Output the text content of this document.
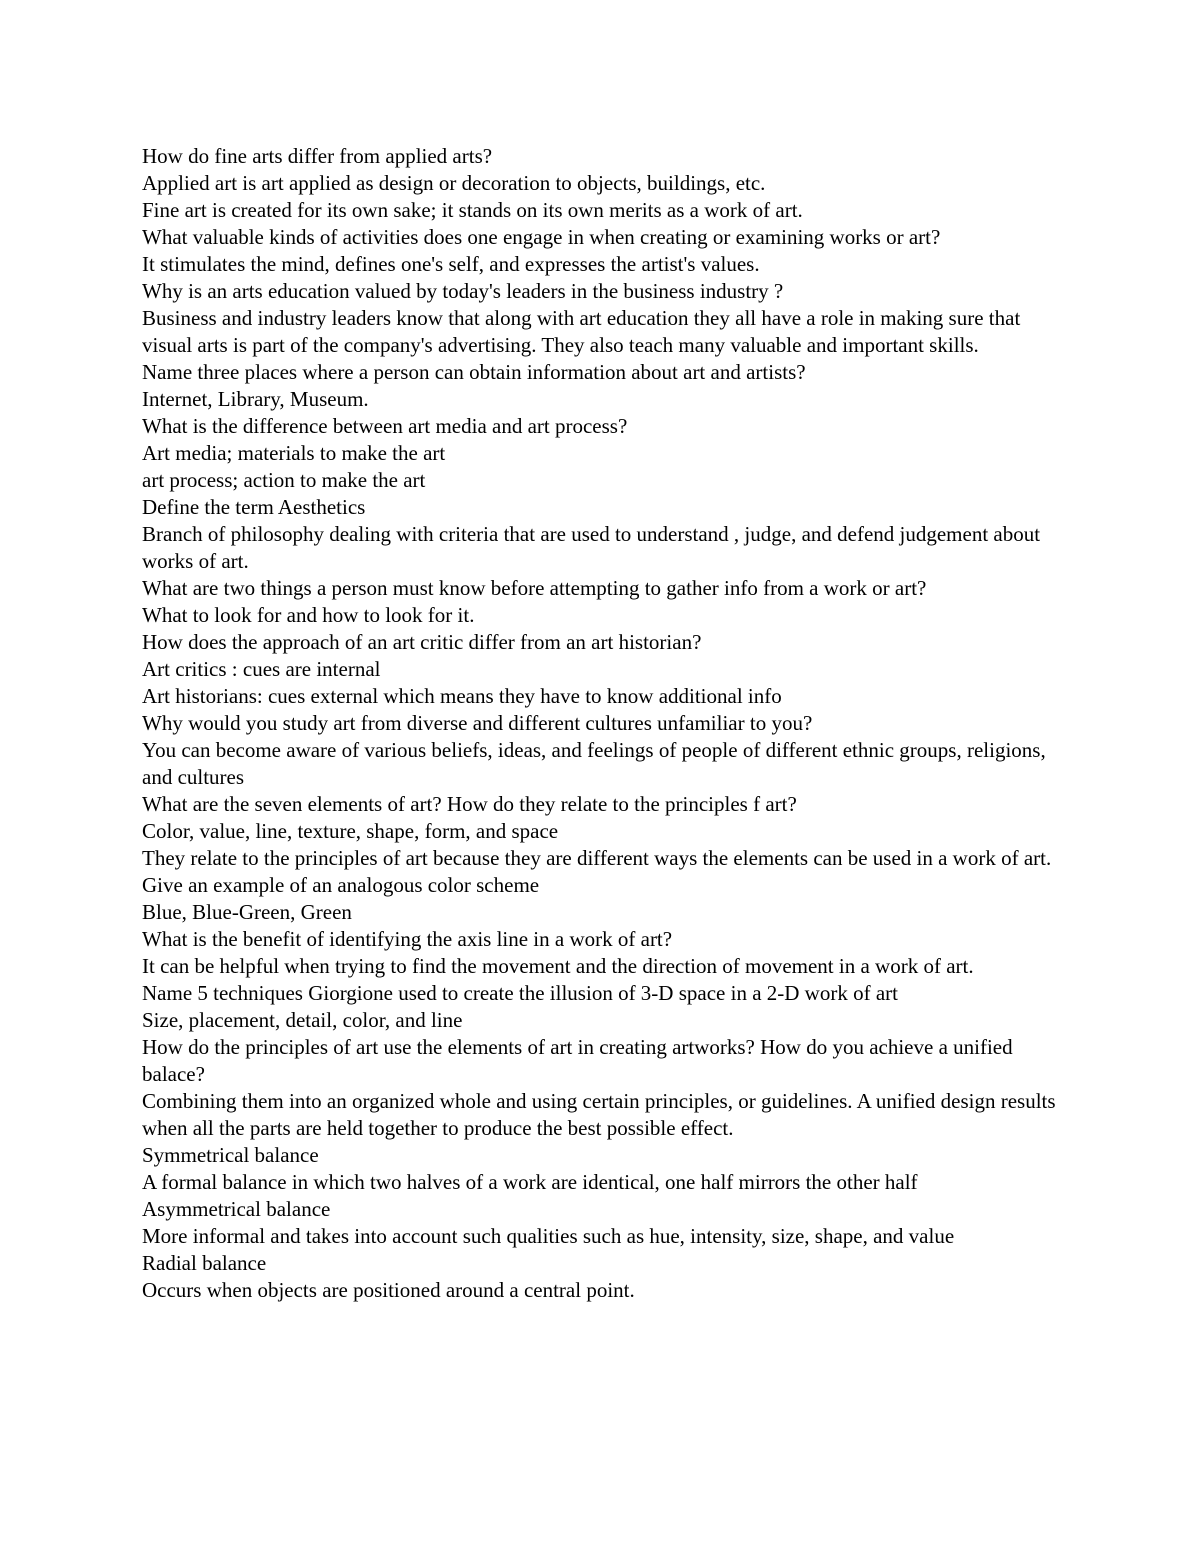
How do fine arts differ from applied arts?

Applied art is art applied as design or decoration to objects, buildings, etc.

Fine art is created for its own sake; it stands on its own merits as a work of art.

What valuable kinds of activities does one engage in when creating or examining works or art?

It stimulates the mind, defines one's self, and expresses the artist's values.

Why is an arts education valued by today's leaders in the business industry ?

Business and industry leaders know that along with art education they all have a role in making sure that visual arts is part of the company's advertising. They also teach many valuable and important skills.

Name three places where a person can obtain information about art and artists?

Internet, Library, Museum.

What is the difference between art media and art process?

Art media; materials to make the art

art process; action to make the art

Define the term Aesthetics

Branch of philosophy dealing with criteria that are used to understand , judge, and defend judgement about works of art.

What are two things a person must know before attempting to gather info from a work or art?

What to look for and how to look for it.

How does the approach of an art critic differ from an art historian?

Art critics : cues are internal

Art historians: cues external which means they have to know additional info

Why would you study art from diverse and different cultures unfamiliar to you?

You can become aware of various beliefs, ideas, and feelings of people of different ethnic groups, religions, and cultures

What are the seven elements of art? How do they relate to the principles f art?

Color, value, line, texture, shape, form, and space

They relate to the principles of art because they are different ways the elements can be used in a work of art.

Give an example of an analogous color scheme

Blue, Blue-Green, Green

What is the benefit of identifying the axis line in a work of art?

It can be helpful when trying to find the movement and the direction of movement in a work of art.

Name 5 techniques Giorgione used to create the illusion of 3-D space in a 2-D work of art

Size, placement, detail, color, and line

How do the principles of art use the elements of art in creating artworks? How do you achieve a unified balace?

Combining them into an organized whole and using certain principles, or guidelines. A unified design results when all the parts are held together to produce the best possible effect.

Symmetrical balance

A formal balance in which two halves of a work are identical, one half mirrors the other half

Asymmetrical balance

More informal and takes into account such qualities such as hue, intensity, size, shape, and value

Radial balance

Occurs when objects are positioned around a central point.
